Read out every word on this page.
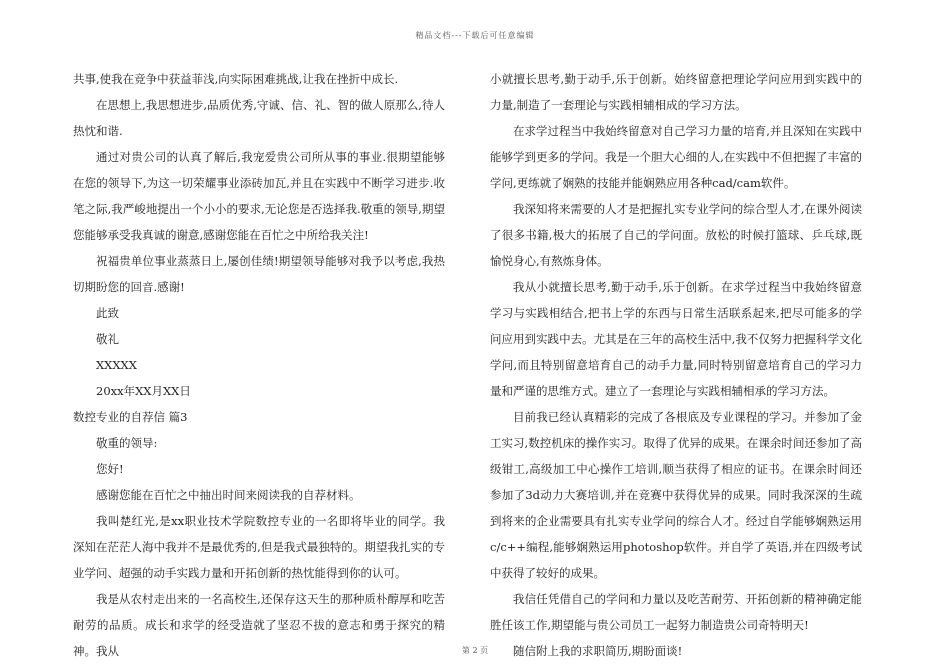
精品文档---下载后可任意编辑

共事,使我在竞争中获益菲浅,向实际困难挑战,让我在挫折中成长.

在思想上,我思想进步,品质优秀,守诚、信、礼、智的做人原那么,待人热忱和谐.

通过对贵公司的认真了解后,我宠爱贵公司所从事的事业.很期望能够在您的领导下,为这一切荣耀事业添砖加瓦,并且在实践中不断学习进步.收笔之际,我严峻地提出一个小小的要求,无论您是否选择我.敬重的领导,期望您能够承受我真诚的谢意,感谢您能在百忙之中所给我关注!

祝福贵单位事业蒸蒸日上,屡创佳绩!期望领导能够对我予以考虑,我热切期盼您的回音.感谢!

此致

敬礼

XXXXX

20xx年XX月XX日

数控专业的自荐信 篇3

敬重的领导:

您好!

感谢您能在百忙之中抽出时间来阅读我的自荐材料。

我叫楚红光,是xx职业技术学院数控专业的一名即将毕业的同学。我深知在茫茫人海中我并不是最优秀的,但是我式最独特的。期望我扎实的专业学问、超强的动手实践力量和开拓创新的热忱能得到你的认可。

我是从农村走出来的一名高校生,还保存这天生的那种质朴醇厚和吃苦耐劳的品质。成长和求学的经受造就了坚忍不拔的意志和勇于探究的精神。我从

小就擅长思考,勤于动手,乐于创新。始终留意把理论学问应用到实践中的力量,制造了一套理论与实践相辅相成的学习方法。

在求学过程当中我始终留意对自己学习力量的培育,并且深知在实践中能够学到更多的学问。我是一个胆大心细的人,在实践中不但把握了丰富的学问,更练就了娴熟的技能并能娴熟应用各种cad/cam软件。

我深知将来需要的人才是把握扎实专业学问的综合型人才,在课外阅读了很多书籍,极大的拓展了自己的学问面。放松的时候打篮球、乒乓球,既愉悦身心,有熬炼身体。

我从小就擅长思考,勤于动手,乐于创新。在求学过程当中我始终留意学习与实践相结合,把书上学的东西与日常生活联系起来,把尽可能多的学问应用到实践中去。尤其是在三年的高校生活中,我不仅努力把握科学文化学问,而且特别留意培育自己的动手力量,同时特别留意培育自己的学习力量和严谨的思维方式。建立了一套理论与实践相辅相承的学习方法。

目前我已经认真精彩的完成了各根底及专业课程的学习。并参加了金工实习,数控机床的操作实习。取得了优异的成果。在课余时间还参加了高级钳工,高级加工中心操作工培训,顺当获得了相应的证书。在课余时间还参加了3d动力大赛培训,并在竞赛中获得优异的成果。同时我深深的生疏到将来的企业需要具有扎实专业学问的综合人才。经过自学能够娴熟运用c/c++编程,能够娴熟运用photoshop软件。并自学了英语,并在四级考试中获得了较好的成果。

我信任凭借自己的学问和力量以及吃苦耐劳、开拓创新的精神确定能胜任该工作,期望能与贵公司员工一起努力制造贵公司奇特明天!

随信附上我的求职简历,期盼面谈!

第 2 页
